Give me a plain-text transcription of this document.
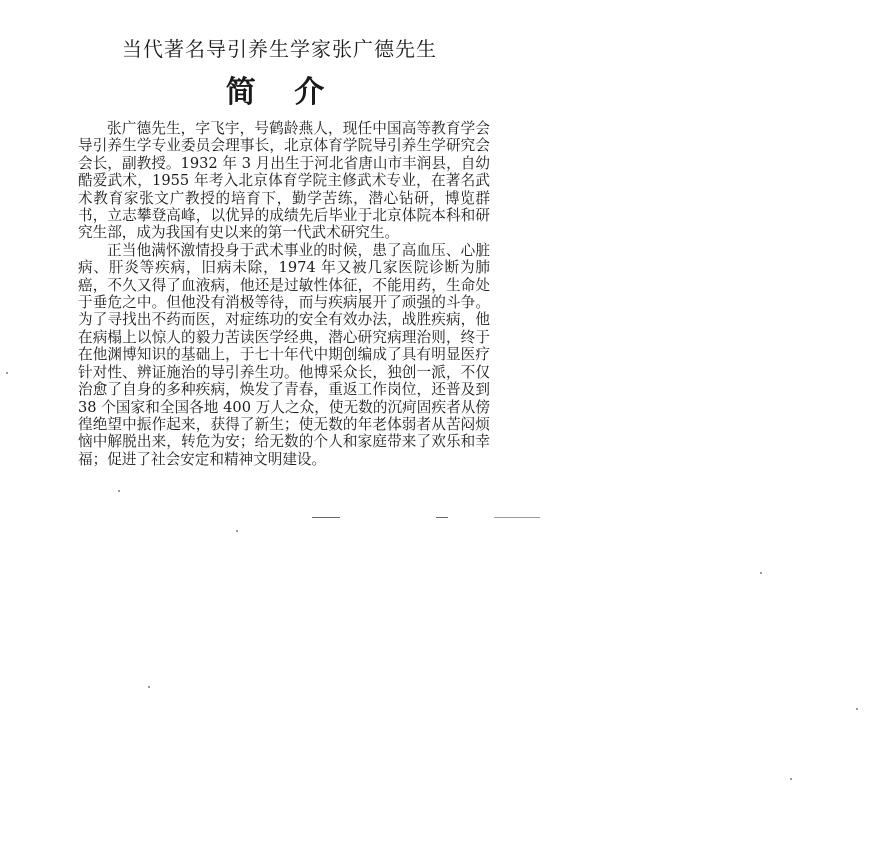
当代著名导引养生学家张广德先生
简 介

张广德先生，字飞宇，号鹤龄燕人，现任中国高等教育学会导引养生学专业委员会理事长，北京体育学院导引养生学研究会会长，副教授。1932 年 3 月出生于河北省唐山市丰润县，自幼酷爱武术，1955 年考入北京体育学院主修武术专业，在著名武术教育家张文广教授的培育下，勤学苦练，潜心钻研，博览群书，立志攀登高峰，以优异的成绩先后毕业于北京体院本科和研究生部，成为我国有史以来的第一代武术研究生。

正当他满怀激情投身于武术事业的时候，患了高血压、心脏病、肝炎等疾病，旧病未除，1974 年又被几家医院诊断为肺癌，不久又得了血液病，他还是过敏性体征，不能用药，生命处于垂危之中。但他没有消极等待，而与疾病展开了顽强的斗争。为了寻找出不药而医，对症练功的安全有效办法，战胜疾病，他在病榻上以惊人的毅力苦读医学经典，潜心研究病理治则，终于在他渊博知识的基础上，于七十年代中期创编成了具有明显医疗针对性、辨证施治的导引养生功。他博采众长，独创一派，不仅治愈了自身的多种疾病，焕发了青春，重返工作岗位，还普及到 38 个国家和全国各地 400 万人之众，使无数的沉疴固疾者从傍徨绝望中振作起来，获得了新生；使无数的年老体弱者从苦闷烦恼中解脱出来，转危为安；给无数的个人和家庭带来了欢乐和幸福；促进了社会安定和精神文明建设。
